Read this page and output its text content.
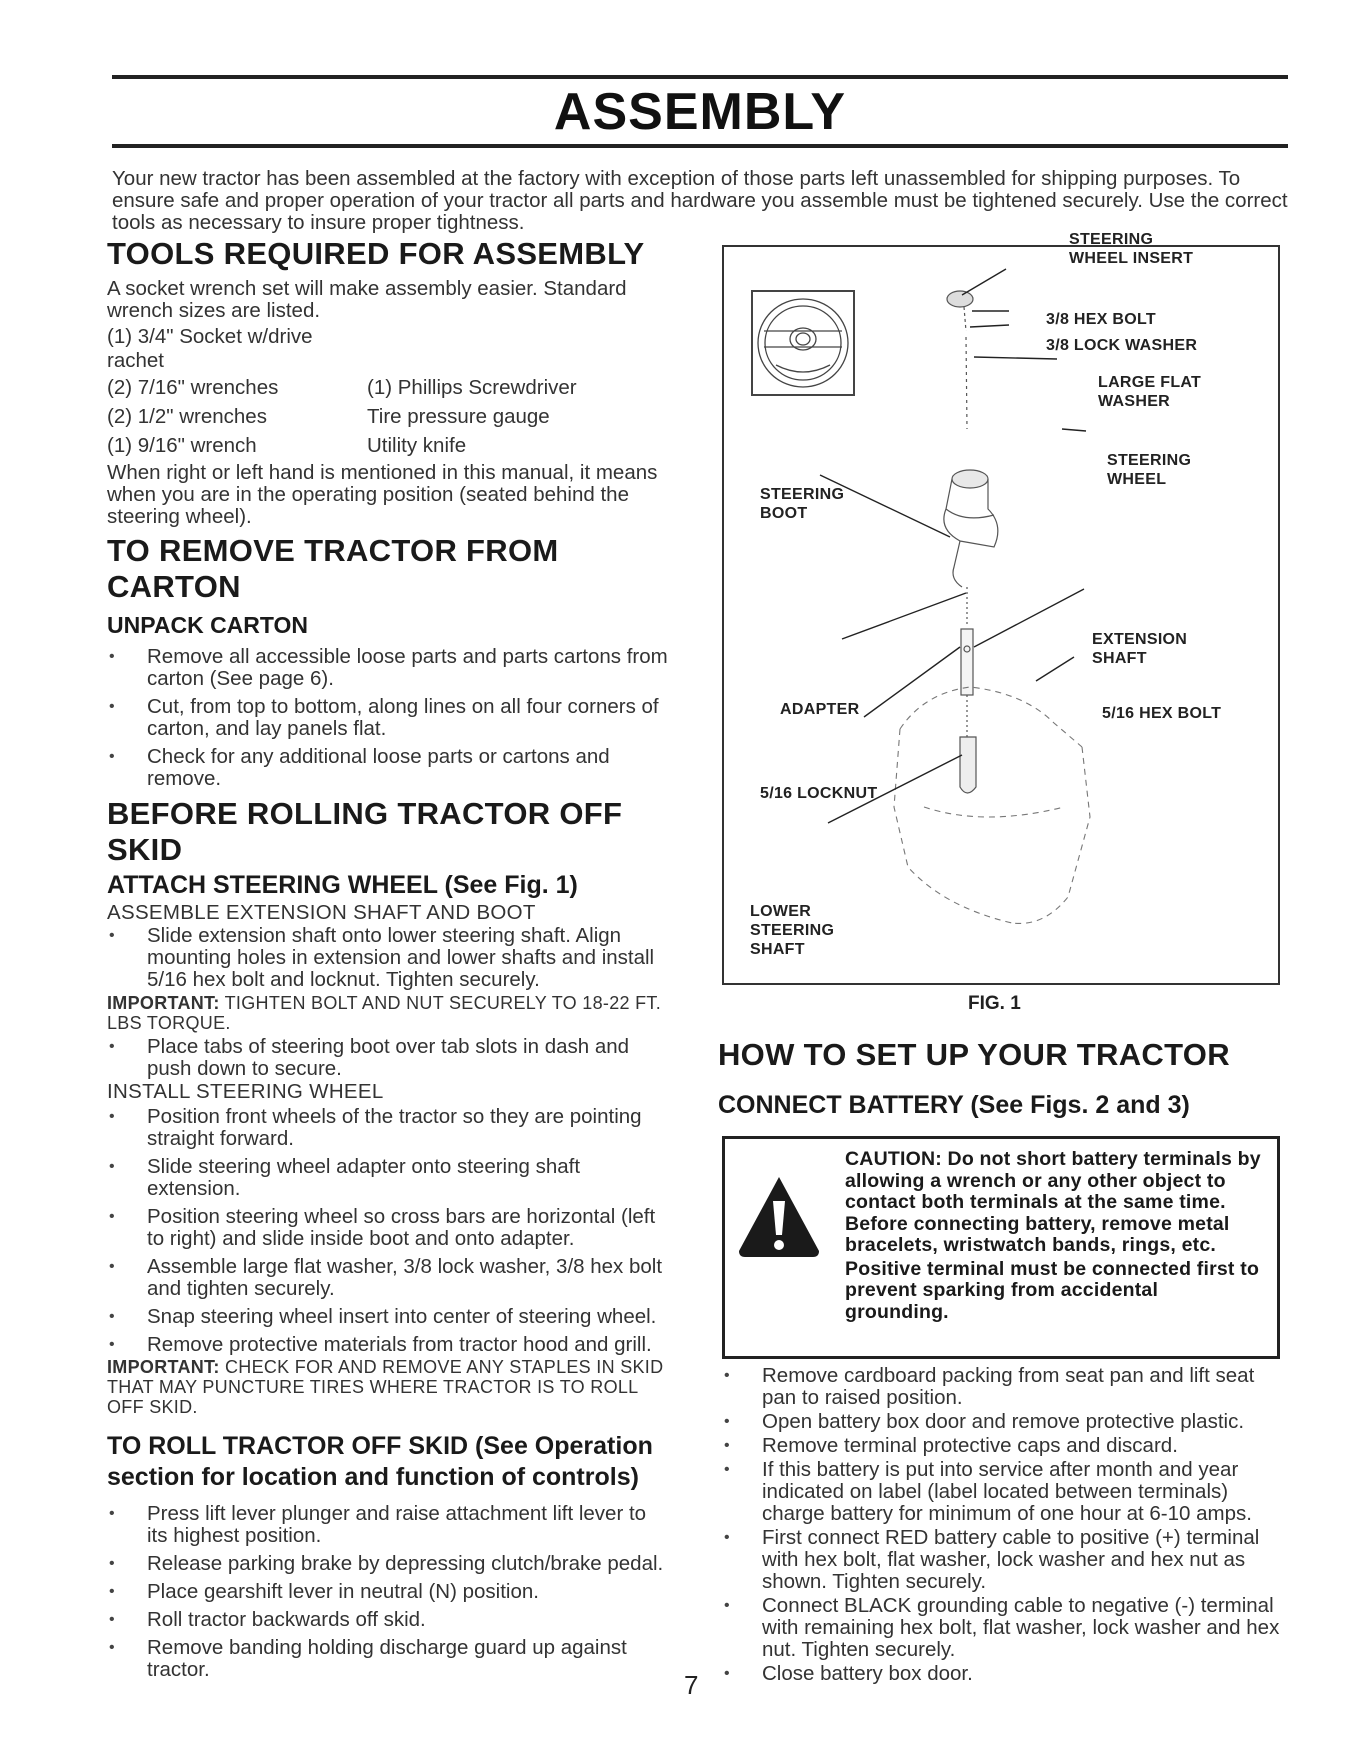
ASSEMBLY

Your new tractor has been assembled at the factory with exception of those parts left unassembled for shipping purposes. To ensure safe and proper operation of your tractor all parts and hardware you assemble must be tightened securely. Use the correct tools as necessary to insure proper tightness.

TOOLS REQUIRED FOR ASSEMBLY

A socket wrench set will make assembly easier. Standard wrench sizes are listed.

(1) 3/4" Socket w/drive rachet	
(2) 7/16" wrenches	(1) Phillips Screwdriver
(2) 1/2" wrenches	Tire pressure gauge
(1) 9/16" wrench	Utility knife

When right or left hand is mentioned in this manual, it means when you are in the operating position (seated behind the steering wheel).

TO REMOVE TRACTOR FROM CARTON
UNPACK CARTON
• Remove all accessible loose parts and parts cartons from carton (See page 6).
• Cut, from top to bottom, along lines on all four corners of carton, and lay panels flat.
• Check for any additional loose parts or cartons and remove.
BEFORE ROLLING TRACTOR OFF SKID
ATTACH STEERING WHEEL (See Fig. 1)

ASSEMBLE EXTENSION SHAFT AND BOOT

• Slide extension shaft onto lower steering shaft. Align mounting holes in extension and lower shafts and install 5/16 hex bolt and locknut. Tighten securely.

IMPORTANT: TIGHTEN BOLT AND NUT SECURELY TO 18-22 FT. LBS TORQUE.

• Place tabs of steering boot over tab slots in dash and push down to secure.

INSTALL STEERING WHEEL

• Position front wheels of the tractor so they are pointing straight forward.
• Slide steering wheel adapter onto steering shaft extension.
• Position steering wheel so cross bars are horizontal (left to right) and slide inside boot and onto adapter.
• Assemble large flat washer, 3/8 lock washer, 3/8 hex bolt and tighten securely.
• Snap steering wheel insert into center of steering wheel.
• Remove protective materials from tractor hood and grill.

IMPORTANT: CHECK FOR AND REMOVE ANY STAPLES IN SKID THAT MAY PUNCTURE TIRES WHERE TRACTOR IS TO ROLL OFF SKID.

TO ROLL TRACTOR OFF SKID (See Operation section for location and function of controls)
• Press lift lever plunger and raise attachment lift lever to its highest position.
• Release parking brake by depressing clutch/brake pedal.
• Place gearshift lever in neutral (N) position.
• Roll tractor backwards off skid.
• Remove banding holding discharge guard up against tractor.
STEERING
WHEEL INSERT
3/8 HEX BOLT
3/8 LOCK WASHER
LARGE FLAT
WASHER
STEERING
WHEEL
STEERING
BOOT
EXTENSION
SHAFT
ADAPTER	5/16 HEX BOLT
5/16 LOCKNUT
LOWER
STEERING
SHAFT
FIG. 1
HOW TO SET UP YOUR TRACTOR
CONNECT BATTERY (See Figs. 2 and 3)

CAUTION: Do not short battery terminals by allowing a wrench or any other object to contact both terminals at the same time. Before connecting battery, remove metal bracelets, wristwatch bands, rings, etc.

Positive terminal must be connected first to prevent sparking from accidental grounding.

• Remove cardboard packing from seat pan and lift seat pan to raised position.
• Open battery box door and remove protective plastic.
• Remove terminal protective caps and discard.
• If this battery is put into service after month and year indicated on label (label located between terminals) charge battery for minimum of one hour at 6-10 amps.
• First connect RED battery cable to positive (+) terminal with hex bolt, flat washer, lock washer and hex nut as shown. Tighten securely.
• Connect BLACK grounding cable to negative (-) terminal with remaining hex bolt, flat washer, lock washer and hex nut. Tighten securely.
• Close battery box door.
7
